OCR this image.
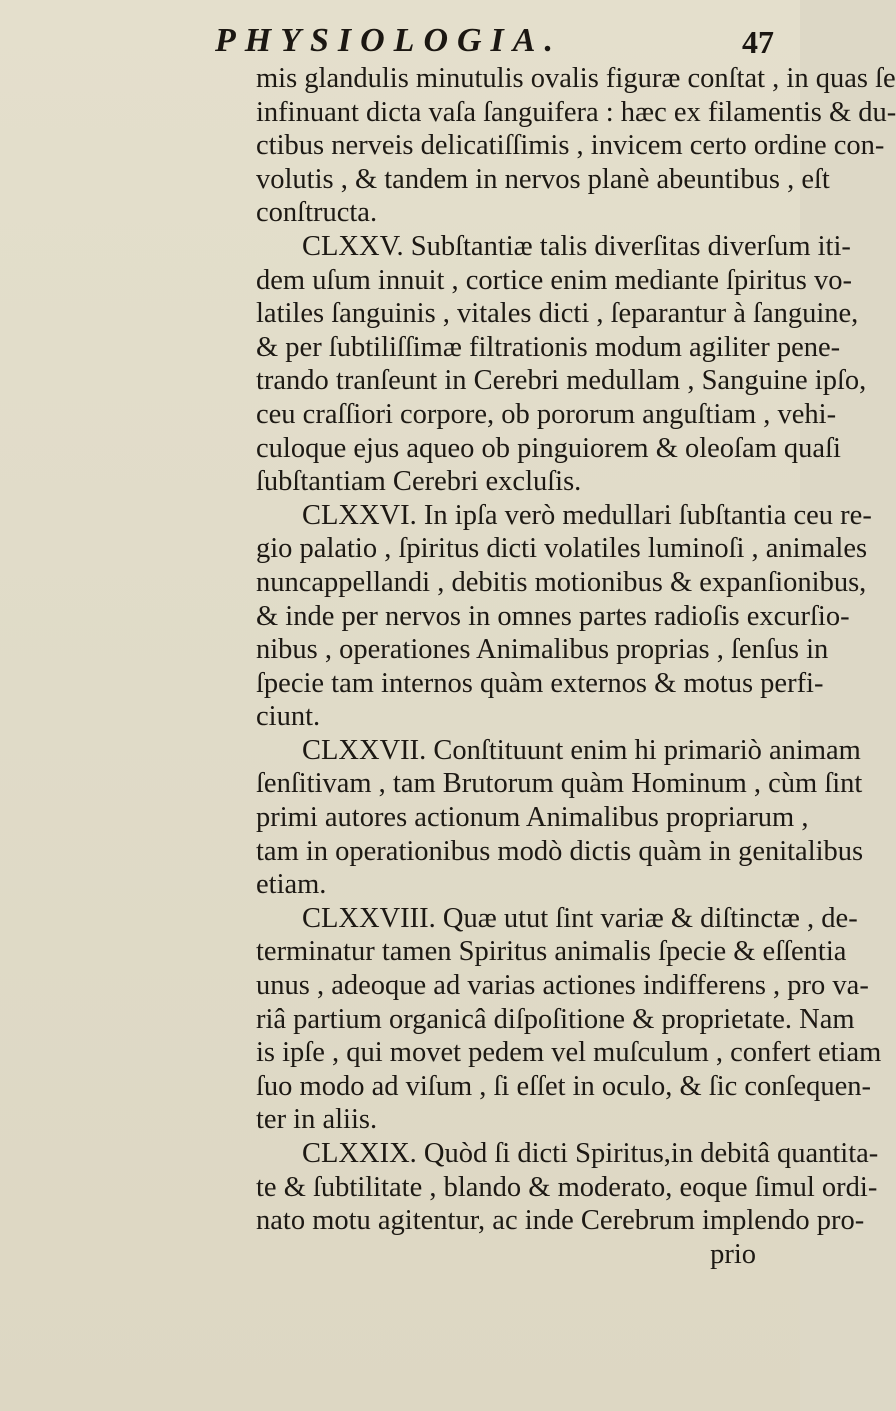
PHYSIOLOGIA.	47
mis glandulis minutulis ovalis figuræ conſtat , in quas ſe
infinuant dicta vaſa ſanguifera : hæc ex filamentis & du-
ctibus nerveis delicatiſſimis , invicem certo ordine con-
volutis , & tandem in nervos planè abeuntibus , eſt
conſtructa.
CLXXV. Subſtantiæ talis diverſitas diverſum iti-
dem uſum innuit , cortice enim mediante ſpiritus vo-
latiles ſanguinis , vitales dicti , ſeparantur à ſanguine,
& per ſubtiliſſimæ filtrationis modum agiliter pene-
trando tranſeunt in Cerebri medullam , Sanguine ipſo,
ceu craſſiori corpore, ob pororum anguſtiam , vehi-
culoque ejus aqueo ob pinguiorem & oleoſam quaſi
ſubſtantiam Cerebri excluſis.
CLXXVI. In ipſa verò medullari ſubſtantia ceu re-
gio palatio , ſpiritus dicti volatiles luminoſi , animales
nuncappellandi , debitis motionibus & expanſionibus,
& inde per nervos in omnes partes radioſis excurſio-
nibus , operationes Animalibus proprias , ſenſus in
ſpecie tam internos quàm externos & motus perfi-
ciunt.
CLXXVII. Conſtituunt enim hi primariò animam
ſenſitivam , tam Brutorum quàm Hominum , cùm ſint
primi autores actionum Animalibus propriarum ,
tam in operationibus modò dictis quàm in genitalibus
etiam.
CLXXVIII. Quæ utut ſint variæ & diſtinctæ , de-
terminatur tamen Spiritus animalis ſpecie & eſſentia
unus , adeoque ad varias actiones indifferens , pro va-
riâ partium organicâ diſpoſitione & proprietate. Nam
is ipſe , qui movet pedem vel muſculum , confert etiam
ſuo modo ad viſum , ſi eſſet in oculo, & ſic conſequen-
ter in aliis.
CLXXIX. Quòd ſi dicti Spiritus,in debitâ quantita-
te & ſubtilitate , blando & moderato, eoque ſimul ordi-
nato motu agitentur, ac inde Cerebrum implendo pro-
prio
